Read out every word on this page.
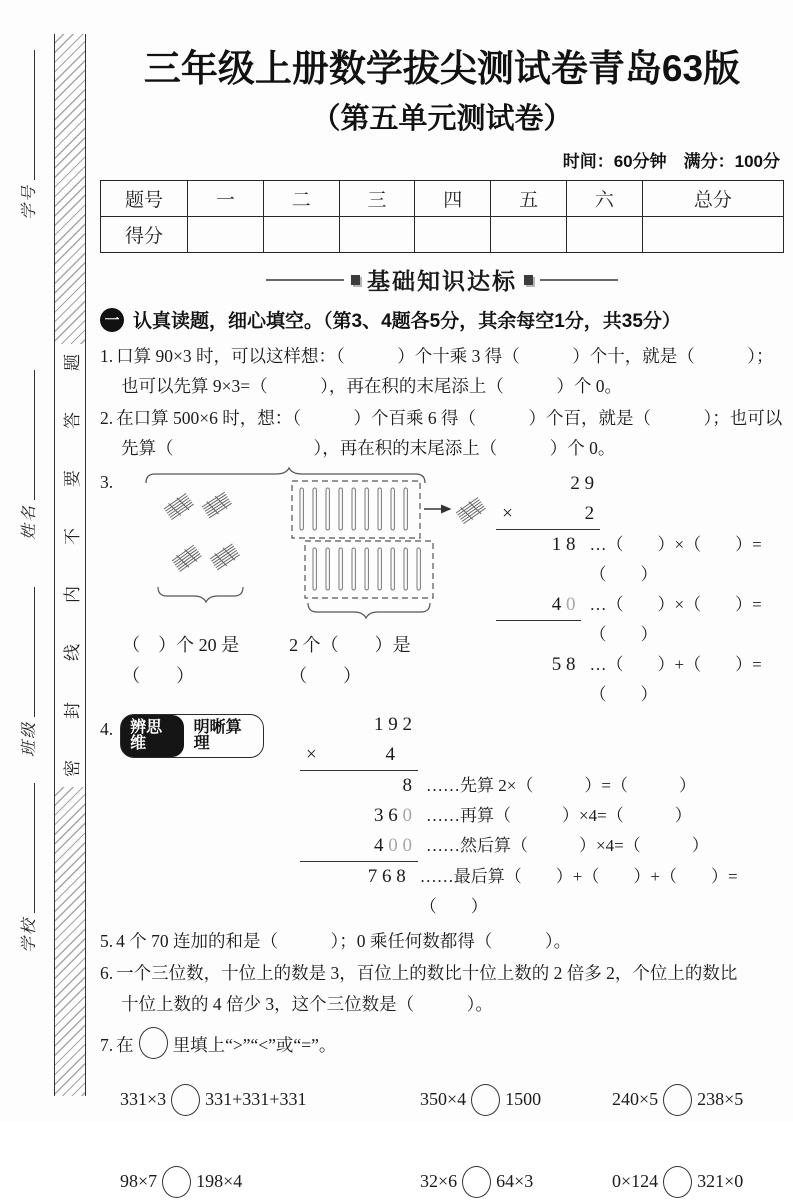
学号
姓名
班级
学校
题
答
要
不
内
线
封
密
三年级上册数学拔尖测试卷青岛63版
（第五单元测试卷）
时间：60分钟　满分：100分
题号	一	二	三	四	五	六	总分
得分							
基础知识达标
一 认真读题，细心填空。（第3、4题各5分，其余每空1分，共35分）
1. 口算 90×3 时，可以这样想：（　　　）个十乘 3 得（　　　）个十，就是（　　　）；
也可以先算 9×3=（　　　），再在积的末尾添上（　　　）个 0。
2. 在口算 500×6 时，想：（　　　）个百乘 6 得（　　　）个百，就是（　　　）；也可以
先算（　　　　　　　　），再在积的末尾添上（　　　）个 0。
3.
（　）个 20 是（　　）
2 个（　　）是（　　）
2 9
×	2
1 8 …（　　）×（　　）=（　　）
4 0 …（　　）×（　　）=（　　）
5 8 …（　　）+（　　）=（　　）
4.	辨思维
明晰算理
1 9 2
×	4
8 ……先算 2×（　　　）=（　　　）
3 6 0 ……再算（　　　）×4=（　　　）
4 0 0 ……然后算（　　　）×4=（　　　）
7 6 8 ……最后算（　　）+（　　）+（　　）=（　　）
5. 4 个 70 连加的和是（　　　）；0 乘任何数都得（　　　）。
6. 一个三位数，十位上的数是 3，百位上的数比十位上数的 2 倍多 2，个位上的数比
十位上数的 4 倍少 3，这个三位数是（　　　）。
7. 在 里填上“>”“<”或“=”。
331×3 331+331+331	350×4 1500	240×5 238×5
98×7 198×4	32×6 64×3	0×124 321×0
